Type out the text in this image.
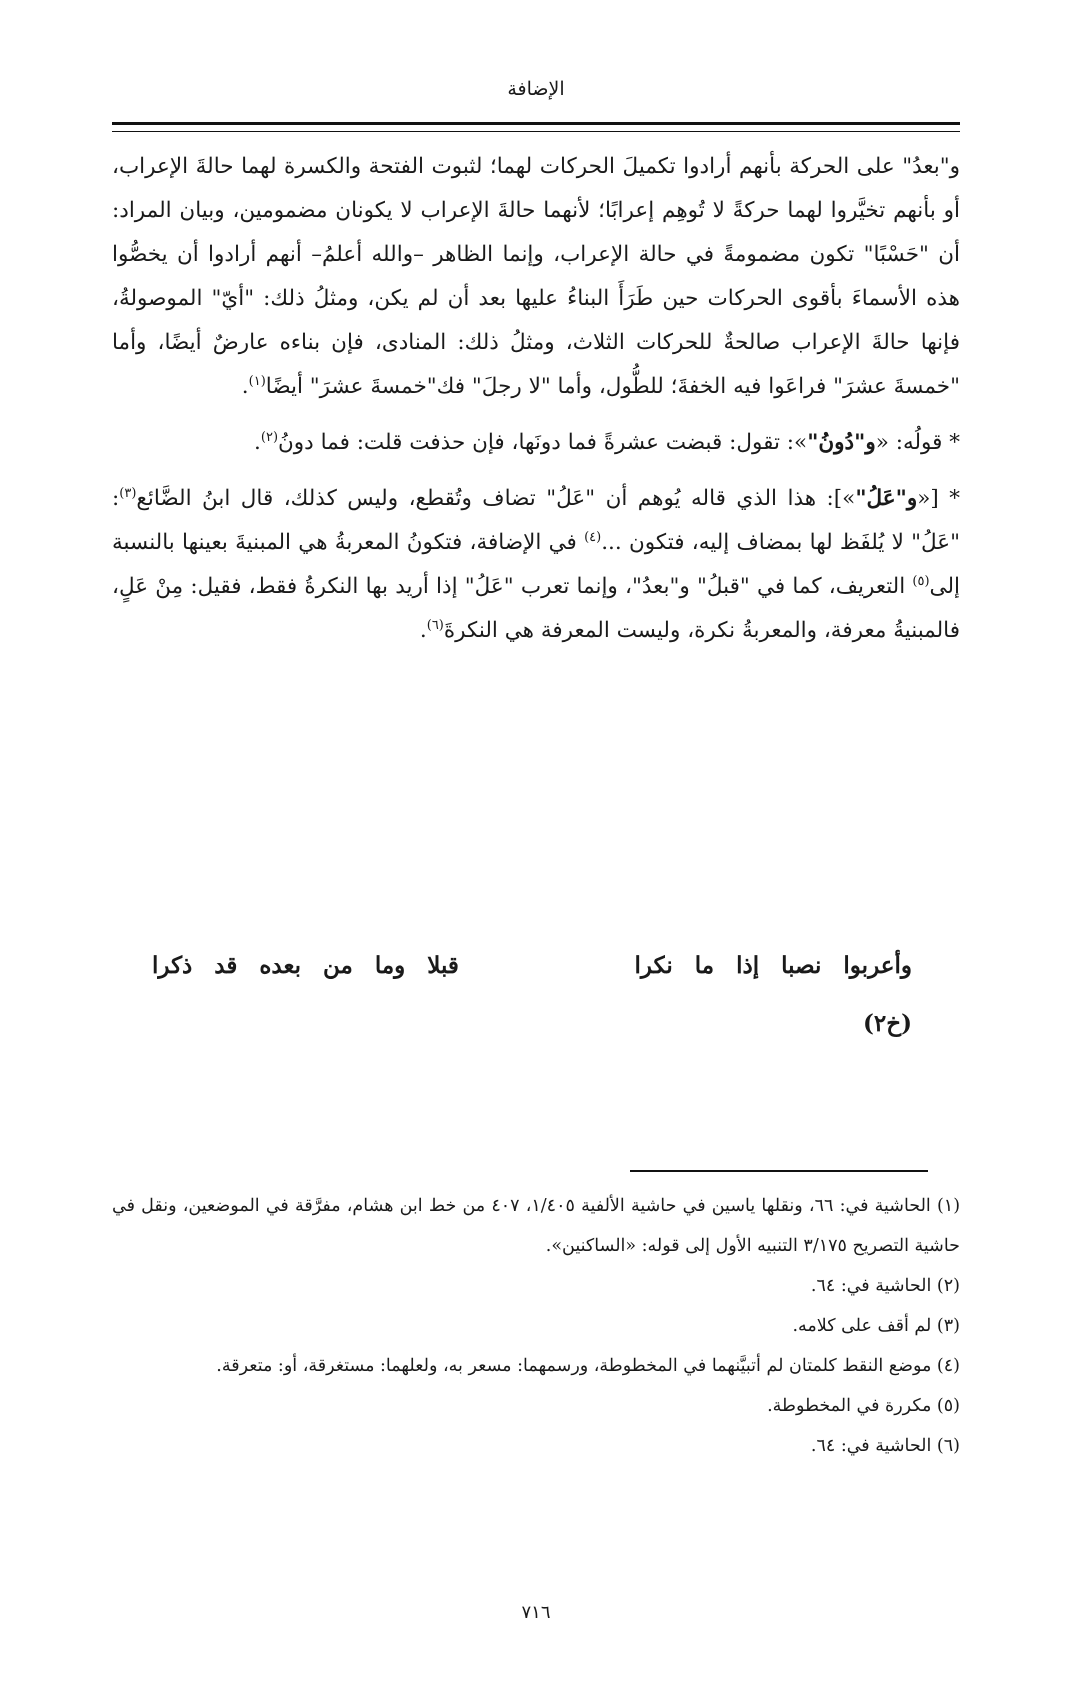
الإضافة

و"بعدُ" على الحركة بأنهم أرادوا تكميلَ الحركات لهما؛ لثبوت الفتحة والكسرة لهما حالةَ الإعراب، أو بأنهم تخيَّروا لهما حركةً لا تُوهِم إعرابًا؛ لأنهما حالةَ الإعراب لا يكونان مضمومين، وبيان المراد: أن "حَسْبًا" تكون مضمومةً في حالة الإعراب، وإنما الظاهر –والله أعلمُ– أنهم أرادوا أن يخصُّوا هذه الأسماءَ بأقوى الحركات حين طَرَأَ البناءُ عليها بعد أن لم يكن، ومثلُ ذلك: "أيّ" الموصولةُ، فإنها حالةَ الإعراب صالحةٌ للحركات الثلاث، ومثلُ ذلك: المنادى، فإن بناءه عارضٌ أيضًا، وأما "خمسةَ عشرَ" فراعَوا فيه الخفةَ؛ للطُّول، وأما "لا رجلَ" فك"خمسةَ عشرَ" أيضًا$^{(١)}$.

* قولُه: «و"دُونُ"»: تقول: قبضت عشرةً فما دونَها، فإن حذفت قلت: فما دونُ$^{(٢)}$.

* [«و"عَلُ"»]: هذا الذي قاله يُوهم أن "عَلُ" تضاف وتُقطع، وليس كذلك، قال ابنُ الضَّائع$^{(٣)}$: "عَلُ" لا يُلفَظ لها بمضاف إليه، فتكون ...$^{(٤)}$ في الإضافة، فتكونُ المعربةُ هي المبنيةَ بعينها بالنسبة إلى$^{(٥)}$ التعريف، كما في "قبلُ" و"بعدُ"، وإنما تعرب "عَلُ" إذا أريد بها النكرةُ فقط، فقيل: مِنْ عَلٍ، فالمبنيةُ معرفة، والمعربةُ نكرة، وليست المعرفة هي النكرةَ$^{(٦)}$.

وأعربوا نصبا إذا ما نكرا
قبلا وما من بعده قد ذكرا
(خ٢)

(١) الحاشية في: ٦٦، ونقلها ياسين في حاشية الألفية ١/٤٠٥، ٤٠٧ من خط ابن هشام، مفرَّقة في الموضعين، ونقل في حاشية التصريح ٣/١٧٥ التنبيه الأول إلى قوله: «الساكنين».

(٢) الحاشية في: ٦٤.

(٣) لم أقف على كلامه.

(٤) موضع النقط كلمتان لم أتبيَّنهما في المخطوطة، ورسمهما: مسعر به، ولعلهما: مستغرقة، أو: متعرقة.

(٥) مكررة في المخطوطة.

(٦) الحاشية في: ٦٤.

٧١٦
